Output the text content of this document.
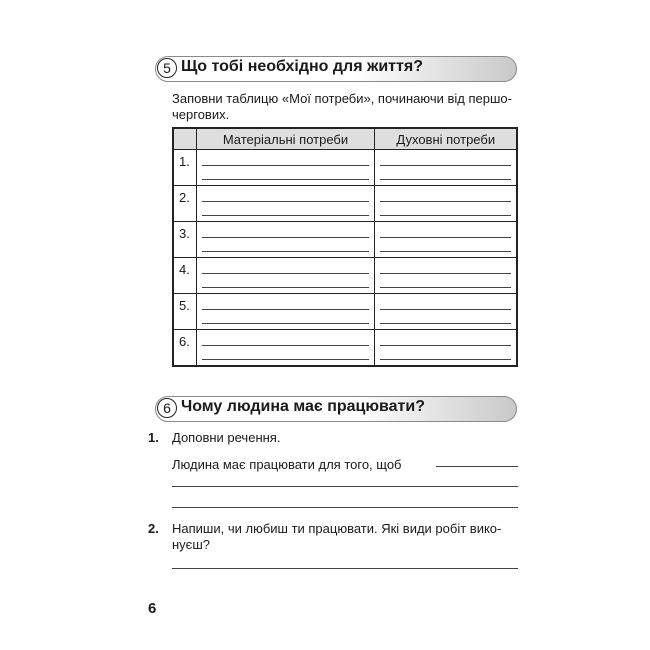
5 Що тобі необхідно для життя?
Заповни таблицю «Мої потреби», починаючи від першо-
чергових.
	Матеріальні потреби	Духовні потреби
1.	

2.	

3.	

4.	

5.	

6.	

6 Чому людина має працювати?
1. Доповни речення.
Людина має працювати для того, щоб
2. Напиши, чи любиш ти працювати. Які види робіт вико-
нуєш?
6
